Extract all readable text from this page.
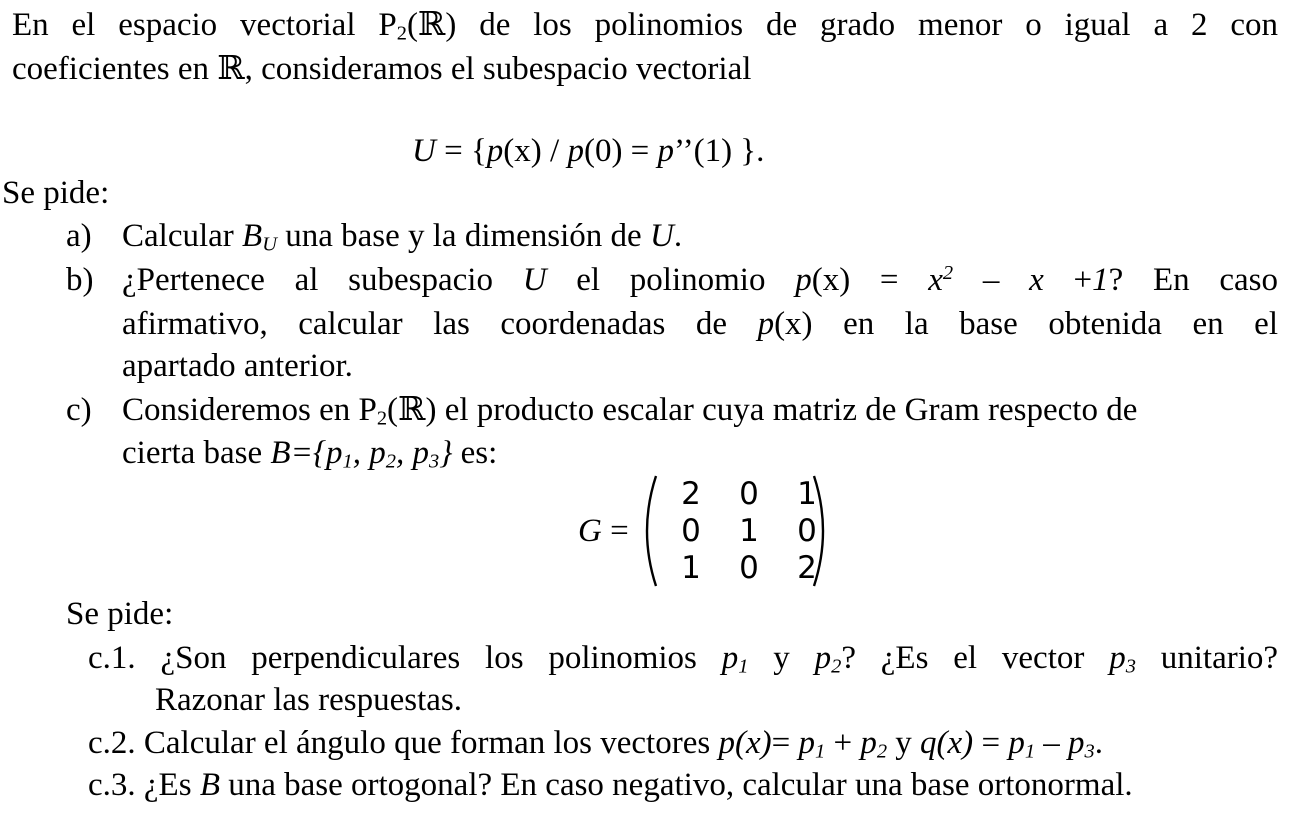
En el espacio vectorial $P_2(ℝ)$ de los polinomios de grado menor o igual a 2 con
coeficientes en ℝ, consideramos el subespacio vectorial
U = {p(x) / p(0) = p’’(1) }.
Se pide:
a) Calcular $B_U$ una base y la dimensión de U.
b) ¿Pertenece al subespacio U el polinomio $p(x) = x^2 - x +1$? En caso
afirmativo, calcular las coordenadas de p(x) en la base obtenida en el
apartado anterior.
c) Consideremos en $P_2(ℝ)$ el producto escalar cuya matriz de Gram respecto de
cierta base $B=\{p_1$, $p_2$, $p_3$} es:
G =
2	0	1
0	1	0
1	0	2
Se pide:
c.1. ¿Son perpendiculares los polinomios $p_1$ y $p_2$? ¿Es el vector $p_3$ unitario?
Razonar las respuestas.
c.2. Calcular el ángulo que forman los vectores $p(x)= p_1 + p_2$ y $q(x) = p_1 - p_3$.
c.3. ¿Es B una base ortogonal? En caso negativo, calcular una base ortonormal.
